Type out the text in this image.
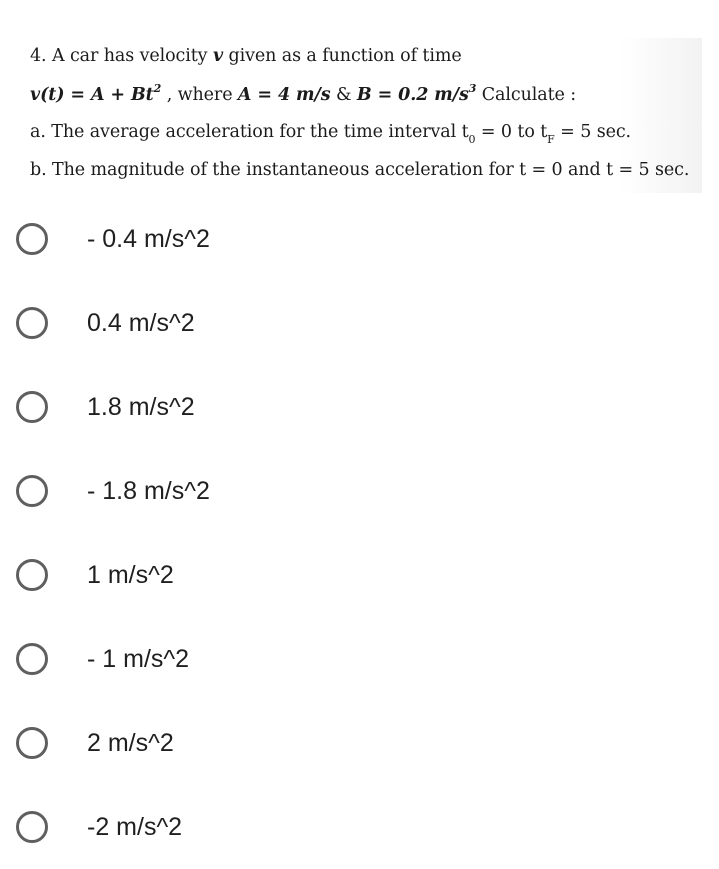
4. A car has velocity v given as a function of time
$v(t) = A + Bt^2$ , where A = 4 m/s & B = 0.2 $m/s^3$ Calculate :
a. The average acceleration for the time interval $t_0 = 0$ to $t_F = 5$ sec.
b. The magnitude of the instantaneous acceleration for t = 0 and t = 5 sec.
- 0.4 m/s^2
0.4 m/s^2
1.8 m/s^2
- 1.8 m/s^2
1 m/s^2
- 1 m/s^2
2 m/s^2
-2 m/s^2
